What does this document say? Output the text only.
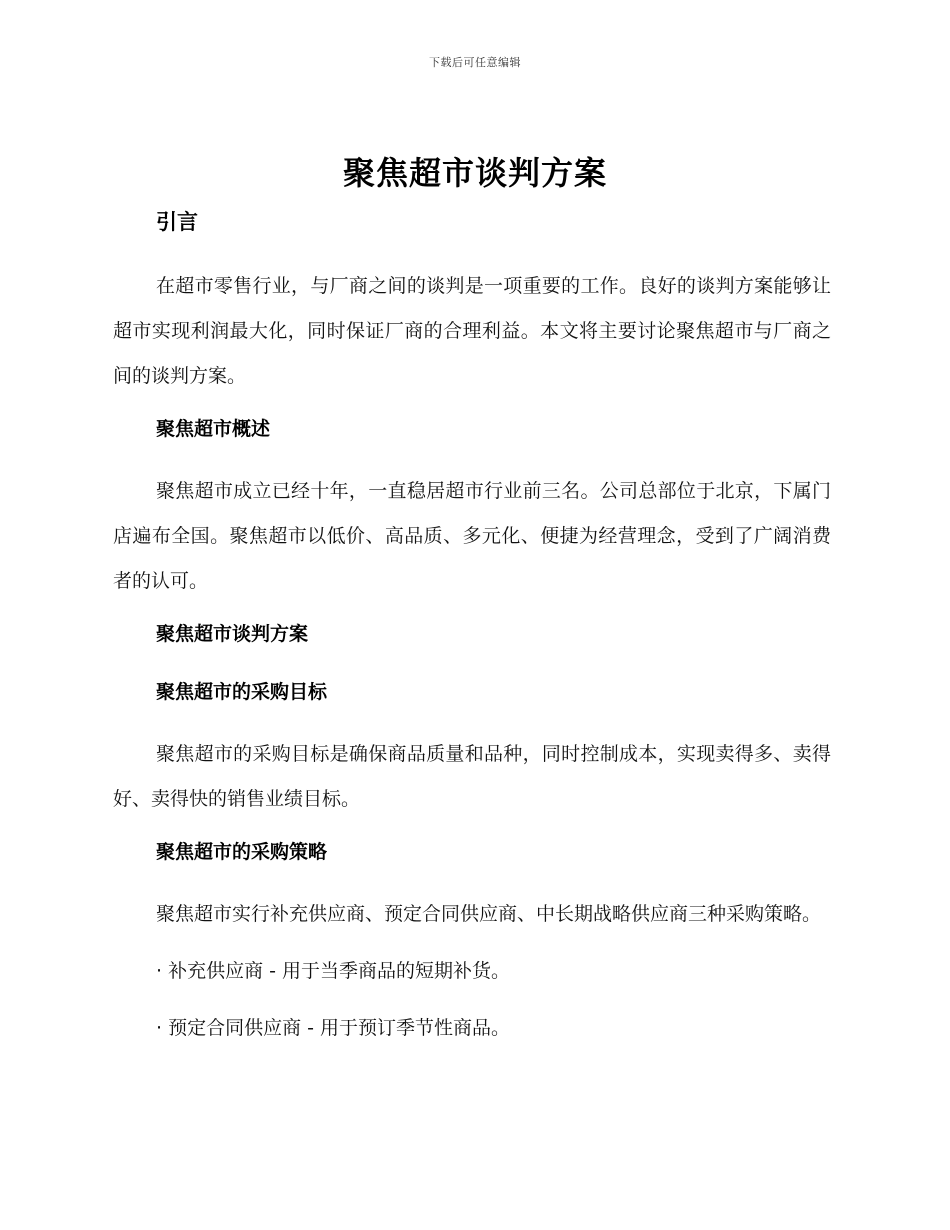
下载后可任意编辑
聚焦超市谈判方案
引言

在超市零售行业，与厂商之间的谈判是一项重要的工作。良好的谈判方案能够让超市实现利润最大化，同时保证厂商的合理利益。本文将主要讨论聚焦超市与厂商之间的谈判方案。

聚焦超市概述

聚焦超市成立已经十年，一直稳居超市行业前三名。公司总部位于北京，下属门店遍布全国。聚焦超市以低价、高品质、多元化、便捷为经营理念，受到了广阔消费者的认可。

聚焦超市谈判方案
聚焦超市的采购目标

聚焦超市的采购目标是确保商品质量和品种，同时控制成本，实现卖得多、卖得好、卖得快的销售业绩目标。

聚焦超市的采购策略

聚焦超市实行补充供应商、预定合同供应商、中长期战略供应商三种采购策略。

· 补充供应商 - 用于当季商品的短期补货。

· 预定合同供应商 - 用于预订季节性商品。
